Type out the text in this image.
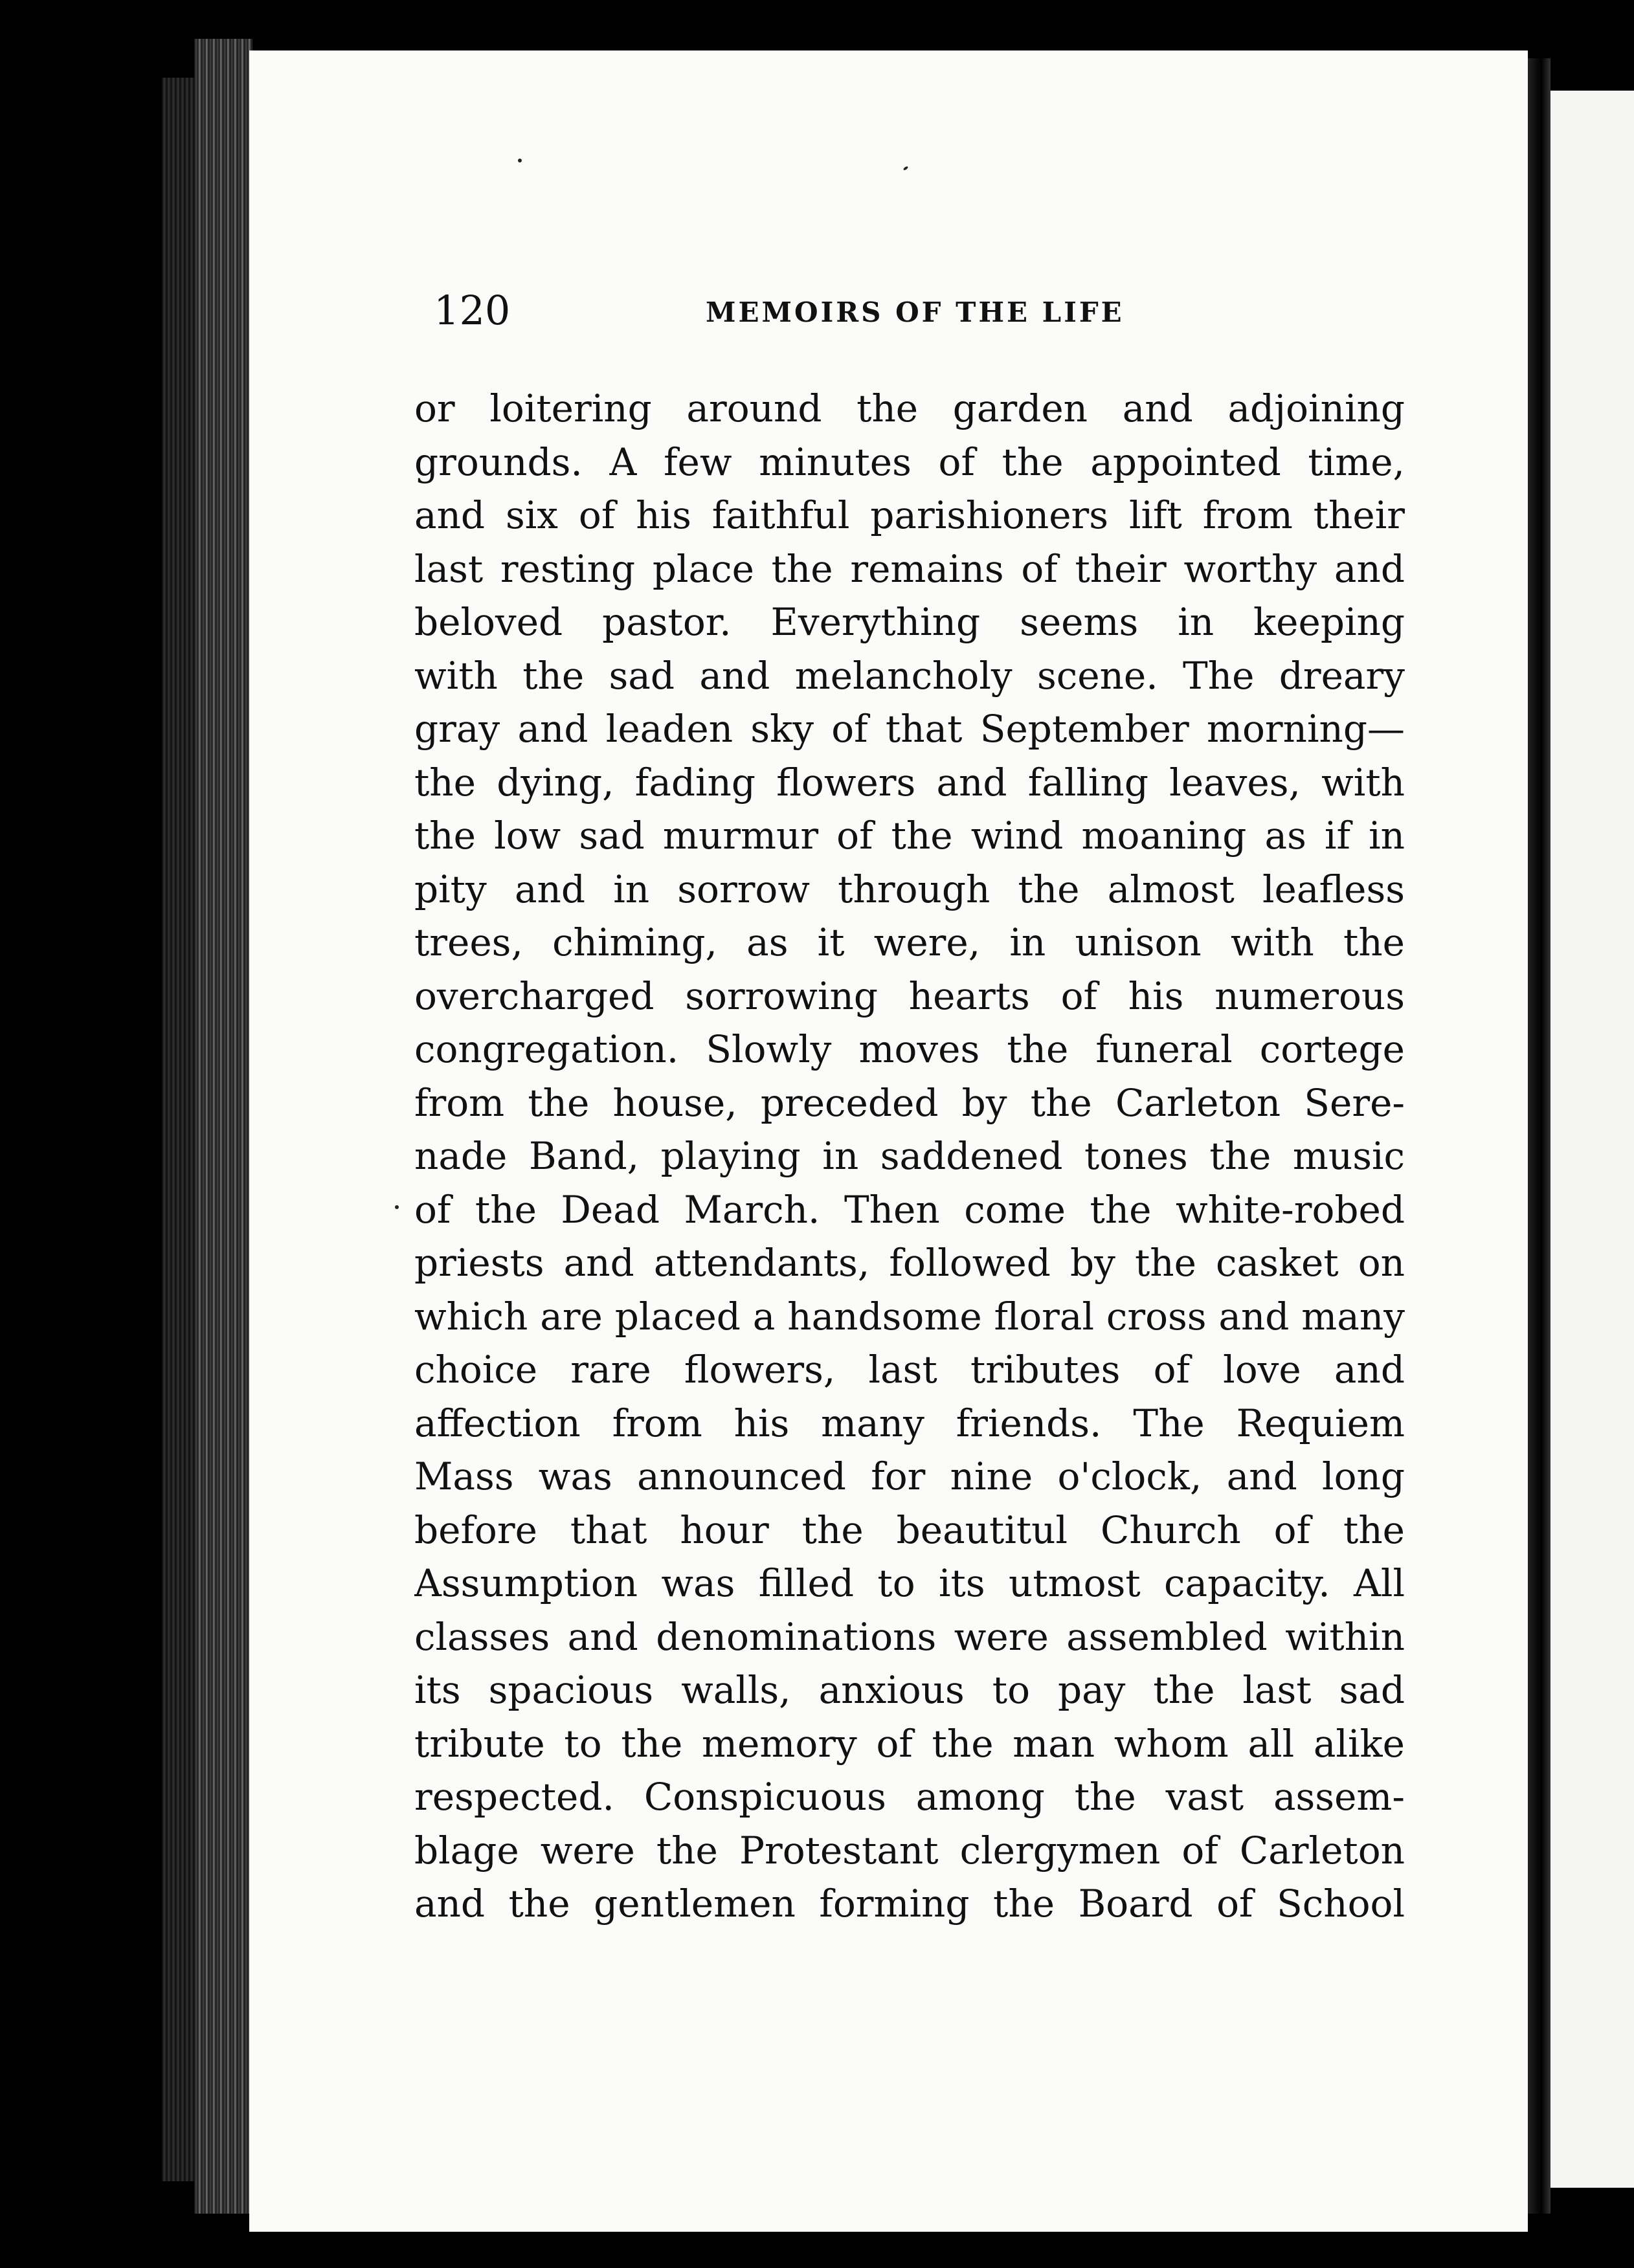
120	MEMOIRS OF THE LIFE
or loitering around the garden and adjoining
grounds. A few minutes of the appointed time,
and six of his faithful parishioners lift from their
last resting place the remains of their worthy and
beloved pastor. Everything seems in keeping
with the sad and melancholy scene. The dreary
gray and leaden sky of that September morning—
the dying, fading flowers and falling leaves, with
the low sad murmur of the wind moaning as if in
pity and in sorrow through the almost leafless
trees, chiming, as it were, in unison with the
overcharged sorrowing hearts of his numerous
congregation. Slowly moves the funeral cortege
from the house, preceded by the Carleton Sere-
nade Band, playing in saddened tones the music
of the Dead March. Then come the white-robed
priests and attendants, followed by the casket on
which are placed a handsome floral cross and many
choice rare flowers, last tributes of love and
affection from his many friends. The Requiem
Mass was announced for nine o'clock, and long
before that hour the beautitul Church of the
Assumption was filled to its utmost capacity. All
classes and denominations were assembled within
its spacious walls, anxious to pay the last sad
tribute to the memory of the man whom all alike
respected. Conspicuous among the vast assem-
blage were the Protestant clergymen of Carleton
and the gentlemen forming the Board of School
